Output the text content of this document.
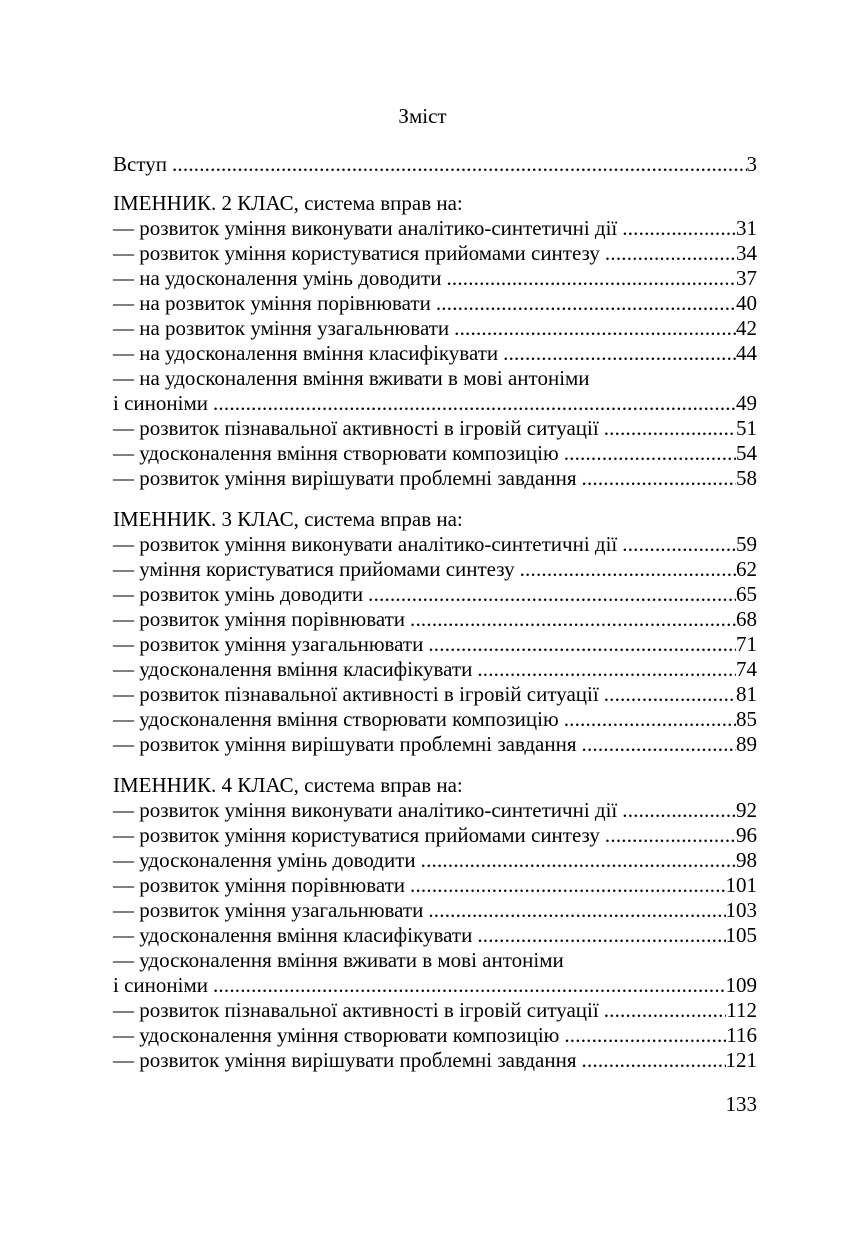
Зміст
Вступ .....	3
ІМЕННИК. 2 КЛАС, система вправ на:
— розвиток уміння виконувати аналітико-синтетичні дії .....	31
— розвиток уміння користуватися прийомами синтезу .....	34
— на удосконалення умінь доводити .....	37
— на розвиток уміння порівнювати .....	40
— на розвиток уміння узагальнювати .....	42
— на удосконалення вміння класифікувати .....	44
— на удосконалення вміння вживати в мові антоніми
і синоніми .....	49
— розвиток пізнавальної активності в ігровій ситуації .....	51
— удосконалення вміння створювати композицію .....	54
— розвиток уміння вирішувати проблемні завдання .....	58
ІМЕННИК. 3 КЛАС, система вправ на:
— розвиток уміння виконувати аналітико-синтетичні дії .....	59
— уміння користуватися прийомами синтезу .....	62
— розвиток умінь доводити .....	65
— розвиток уміння порівнювати .....	68
— розвиток уміння узагальнювати .....	71
— удосконалення вміння класифікувати .....	74
— розвиток пізнавальної активності в ігровій ситуації .....	81
— удосконалення вміння створювати композицію .....	85
— розвиток уміння вирішувати проблемні завдання .....	89
ІМЕННИК. 4 КЛАС, система вправ на:
— розвиток уміння виконувати аналітико-синтетичні дії .....	92
— розвиток уміння користуватися прийомами синтезу .....	96
— удосконалення умінь доводити .....	98
— розвиток уміння порівнювати .....	101
— розвиток уміння узагальнювати .....	103
— удосконалення вміння класифікувати .....	105
— удосконалення вміння вживати в мові антоніми
і синоніми .....	109
— розвиток пізнавальної активності в ігровій ситуації .....	112
— удосконалення уміння створювати композицію .....	116
— розвиток уміння вирішувати проблемні завдання .....	121
133
